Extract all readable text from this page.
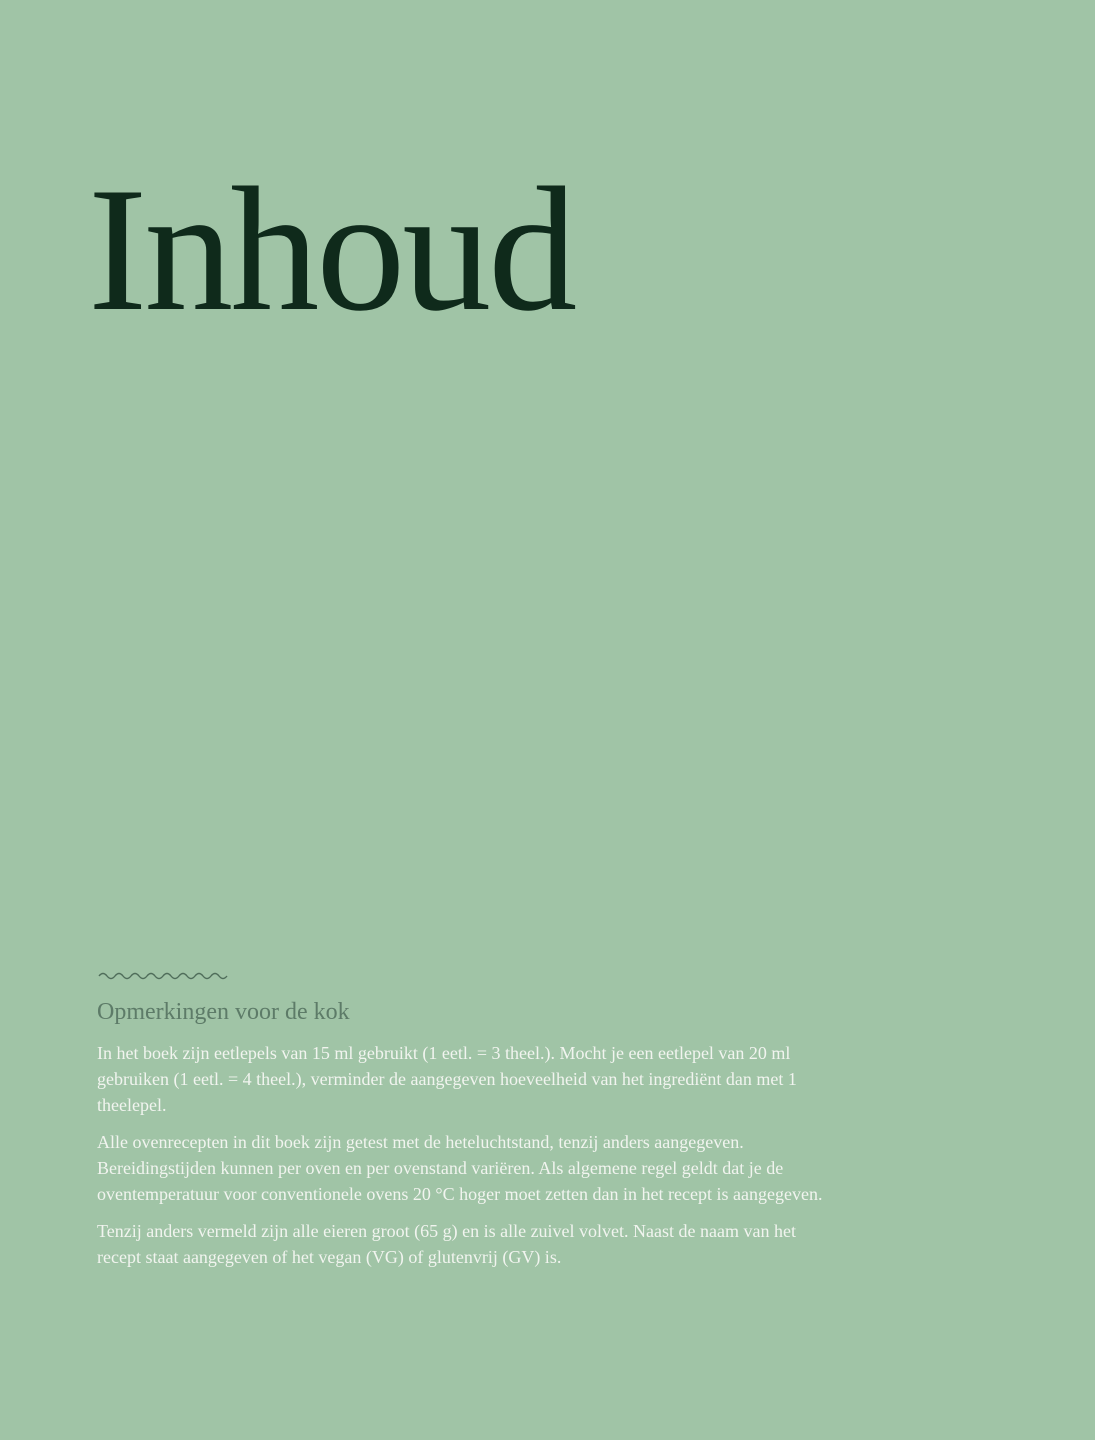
Inhoud
Opmerkingen voor de kok

In het boek zijn eetlepels van 15 ml gebruikt (1 eetl. = 3 theel.). Mocht je een eetlepel van 20 ml gebruiken (1 eetl. = 4 theel.), verminder de aangegeven hoeveelheid van het ingrediënt dan met 1 theelepel.

Alle ovenrecepten in dit boek zijn getest met de heteluchtstand, tenzij anders aangegeven. Bereidingstijden kunnen per oven en per ovenstand variëren. Als algemene regel geldt dat je de oventemperatuur voor conventionele ovens 20 °C hoger moet zetten dan in het recept is aangegeven.

Tenzij anders vermeld zijn alle eieren groot (65 g) en is alle zuivel volvet. Naast de naam van het recept staat aangegeven of het vegan (VG) of glutenvrij (GV) is.
